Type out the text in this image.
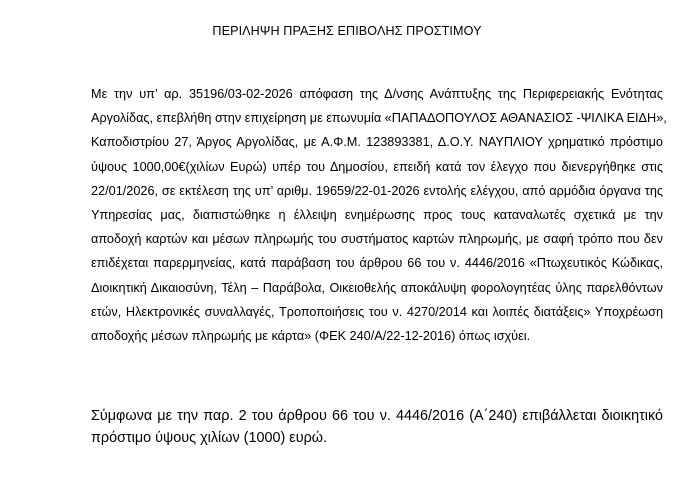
ΠΕΡΙΛΗΨΗ ΠΡΑΞΗΣ ΕΠΙΒΟΛΗΣ ΠΡΟΣΤΙΜΟΥ
Με την υπ’ αρ. 35196/03-02-2026 απόφαση της Δ/νσης Ανάπτυξης της Περιφερειακής Ενότητας
Αργολίδας, επεβλήθη στην επιχείρηση με επωνυμία «ΠΑΠΑΔΟΠΟΥΛΟΣ ΑΘΑΝΑΣΙΟΣ -ΨΙΛΙΚΑ ΕΙΔΗ»,
Καποδιστρίου 27, Άργος Αργολίδας, με Α.Φ.Μ. 123893381, Δ.Ο.Υ. ΝΑΥΠΛΙΟΥ χρηματικό πρόστιμο
ύψους 1000,00€(χιλίων Ευρώ) υπέρ του Δημοσίου, επειδή κατά τον έλεγχο που διενεργήθηκε στις
22/01/2026, σε εκτέλεση της υπ’ αριθμ. 19659/22-01-2026 εντολής ελέγχου, από αρμόδια όργανα της
Υπηρεσίας μας, διαπιστώθηκε η έλλειψη ενημέρωσης προς τους καταναλωτές σχετικά με την
αποδοχή καρτών και μέσων πληρωμής του συστήματος καρτών πληρωμής, με σαφή τρόπο που δεν
επιδέχεται παρερμηνείας, κατά παράβαση του άρθρου 66 του ν. 4446/2016 «Πτωχευτικός Κώδικας,
Διοικητική Δικαιοσύνη, Τέλη – Παράβολα, Οικειοθελής αποκάλυψη φορολογητέας ύλης παρελθόντων
ετών, Ηλεκτρονικές συναλλαγές, Τροποποιήσεις του ν. 4270/2014 και λοιπές διατάξεις» Υποχρέωση
αποδοχής μέσων πληρωμής με κάρτα» (ΦΕΚ 240/Α/22-12-2016) όπως ισχύει.
Σύμφωνα με την παρ. 2 του άρθρου 66 του ν. 4446/2016 (Α΄240) επιβάλλεται διοικητικό
πρόστιμο ύψους χιλίων (1000) ευρώ.
